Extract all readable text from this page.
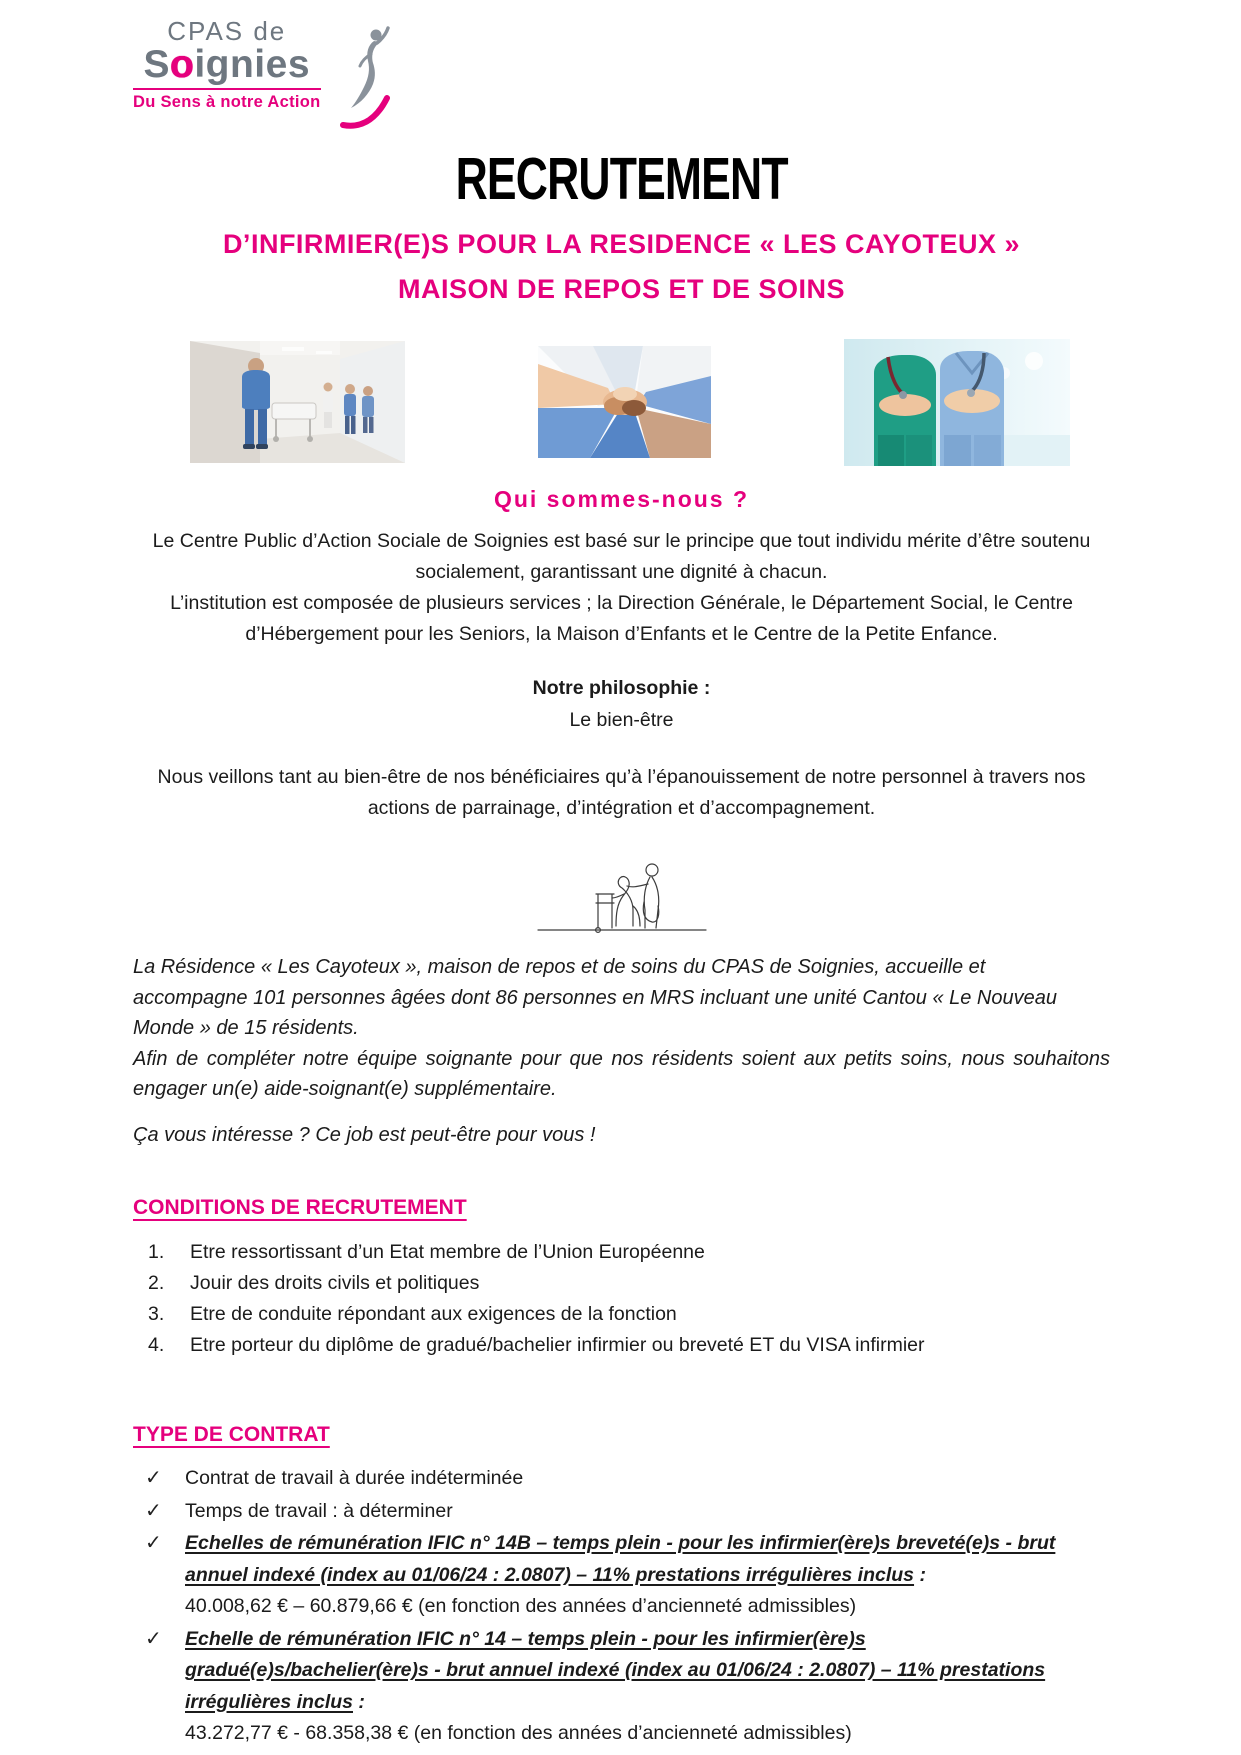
CPAS de
Soignies
Du Sens à notre Action
RECRUTEMENT
D’INFIRMIER(E)S POUR LA RESIDENCE « LES CAYOTEUX »
MAISON DE REPOS ET DE SOINS
Qui sommes-nous ?

Le Centre Public d’Action Sociale de Soignies est basé sur le principe que tout individu mérite d’être soutenu socialement, garantissant une dignité à chacun.

L’institution est composée de plusieurs services ; la Direction Générale, le Département Social, le Centre d’Hébergement pour les Seniors, la Maison d’Enfants et le Centre de la Petite Enfance.

Notre philosophie :
Le bien-être

Nous veillons tant au bien-être de nos bénéficiaires qu’à l’épanouissement de notre personnel à travers nos actions de parrainage, d’intégration et d’accompagnement.

La Résidence « Les Cayoteux », maison de repos et de soins du CPAS de Soignies, accueille et accompagne 101 personnes âgées dont 86 personnes en MRS incluant une unité Cantou « Le Nouveau Monde » de 15 résidents.

Afin de compléter notre équipe soignante pour que nos résidents soient aux petits soins, nous souhaitons engager un(e) aide-soignant(e) supplémentaire.

Ça vous intéresse ? Ce job est peut-être pour vous !

CONDITIONS DE RECRUTEMENT
Etre ressortissant d’un Etat membre de l’Union Européenne
Jouir des droits civils et politiques
Etre de conduite répondant aux exigences de la fonction
Etre porteur du diplôme de gradué/bachelier infirmier ou breveté ET du VISA infirmier
TYPE DE CONTRAT
✓ Contrat de travail à durée indéterminée
✓ Temps de travail : à déterminer
✓ Echelles de rémunération IFIC n° 14B – temps plein - pour les infirmier(ère)s breveté(e)s - brut annuel indexé (index au 01/06/24 : 2.0807) – 11% prestations irrégulières inclus :
40.008,62 € – 60.879,66 € (en fonction des années d’ancienneté admissibles)
✓ Echelle de rémunération IFIC n° 14 – temps plein - pour les infirmier(ère)s gradué(e)s/bachelier(ère)s - brut annuel indexé (index au 01/06/24 : 2.0807) – 11% prestations irrégulières inclus :
43.272,77 € - 68.358,38 € (en fonction des années d’ancienneté admissibles)
